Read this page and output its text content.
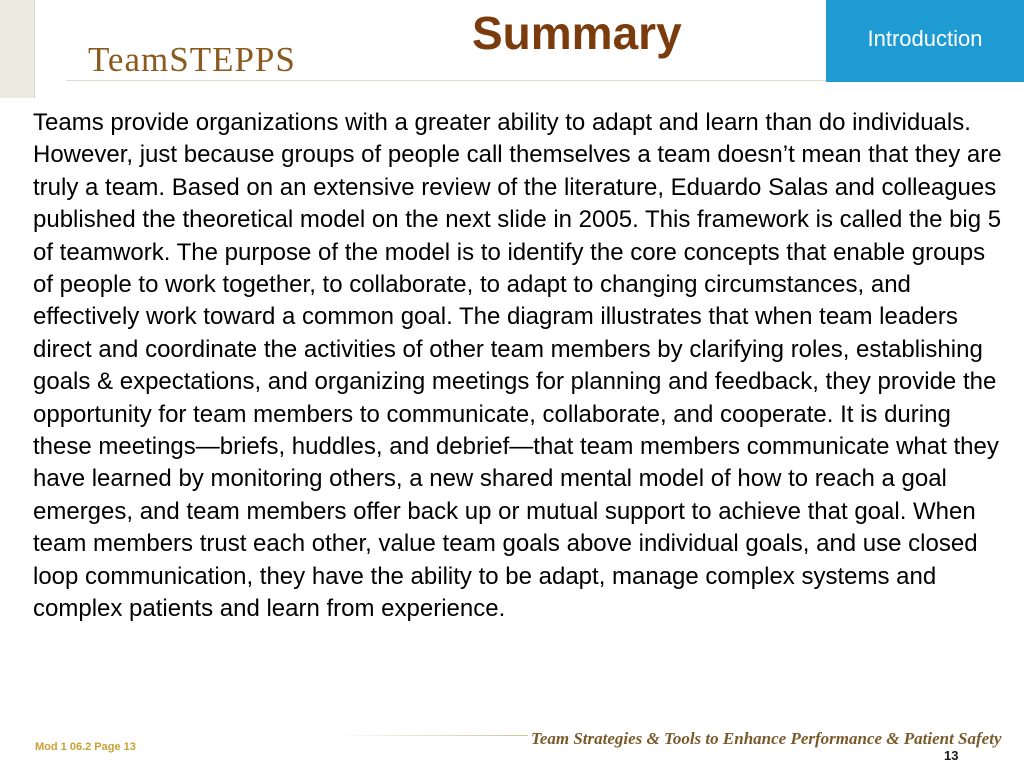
TeamSTEPPS
Summary	Introduction

Teams provide organizations with a greater ability to adapt and learn than do individuals. However, just because groups of people call themselves a team doesn’t mean that they are truly a team. Based on an extensive review of the literature, Eduardo Salas and colleagues published the theoretical model on the next slide in 2005. This framework is called the big 5 of teamwork. The purpose of the model is to identify the core concepts that enable groups of people to work together, to collaborate, to adapt to changing circumstances, and effectively work toward a common goal. The diagram illustrates that when team leaders direct and coordinate the activities of other team members by clarifying roles, establishing goals & expectations, and organizing meetings for planning and feedback, they provide the opportunity for team members to communicate, collaborate, and cooperate. It is during these meetings—briefs, huddles, and debrief—that team members communicate what they have learned by monitoring others, a new shared mental model of how to reach a goal emerges, and team members offer back up or mutual support to achieve that goal. When team members trust each other, value team goals above individual goals, and use closed loop communication, they have the ability to be adapt, manage complex systems and complex patients and learn from experience.

Mod 1 06.2 Page 13	Team Strategies & Tools to Enhance Performance & Patient Safety
13
